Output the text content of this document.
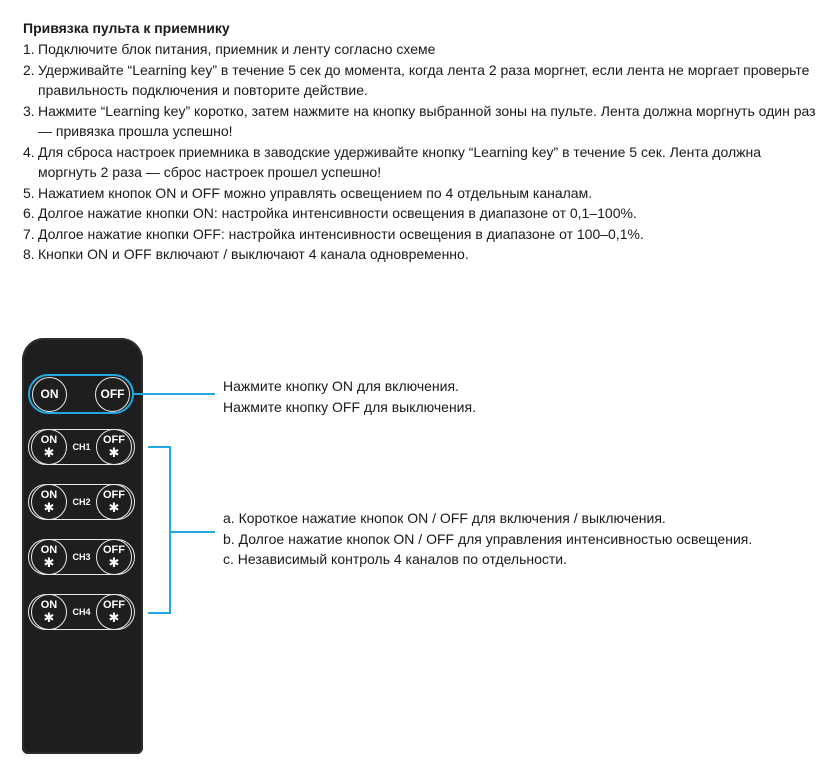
Привязка пульта к приемнику
1. Подключите блок питания, приемник и ленту согласно схеме
2. Удерживайте “Learning key” в течение 5 сек до момента, когда лента 2 раза моргнет, если лента не моргает проверьте правильность подключения и повторите действие.
3. Нажмите “Learning key” коротко, затем нажмите на кнопку выбранной зоны на пульте. Лента должна моргнуть один раз — привязка прошла успешно!
4. Для сброса настроек приемника в заводские удерживайте кнопку “Learning key” в течение 5 сек. Лента должна моргнуть 2 раза — сброс настроек прошел успешно!
5. Нажатием кнопок ON и OFF можно управлять освещением по 4 отдельным каналам.
6. Долгое нажатие кнопки ON: настройка интенсивности освещения в диапазоне от 0,1–100%.
7. Долгое нажатие кнопки OFF: настройка интенсивности освещения в диапазоне от 100–0,1%.
8. Кнопки ON и OFF включают / выключают 4 канала одновременно.
ON	OFF
ON
✱ CH1
OFF
✱
ON
✱ CH2
OFF
✱
ON
✱ CH3
OFF
✱
ON
✱ CH4
OFF
✱
Нажмите кнопку ON для включения.
Нажмите кнопку OFF для выключения.
a. Короткое нажатие кнопок ON / OFF для включения / выключения.
b. Долгое нажатие кнопок ON / OFF для управления интенсивностью освещения.
c. Независимый контроль 4 каналов по отдельности.
